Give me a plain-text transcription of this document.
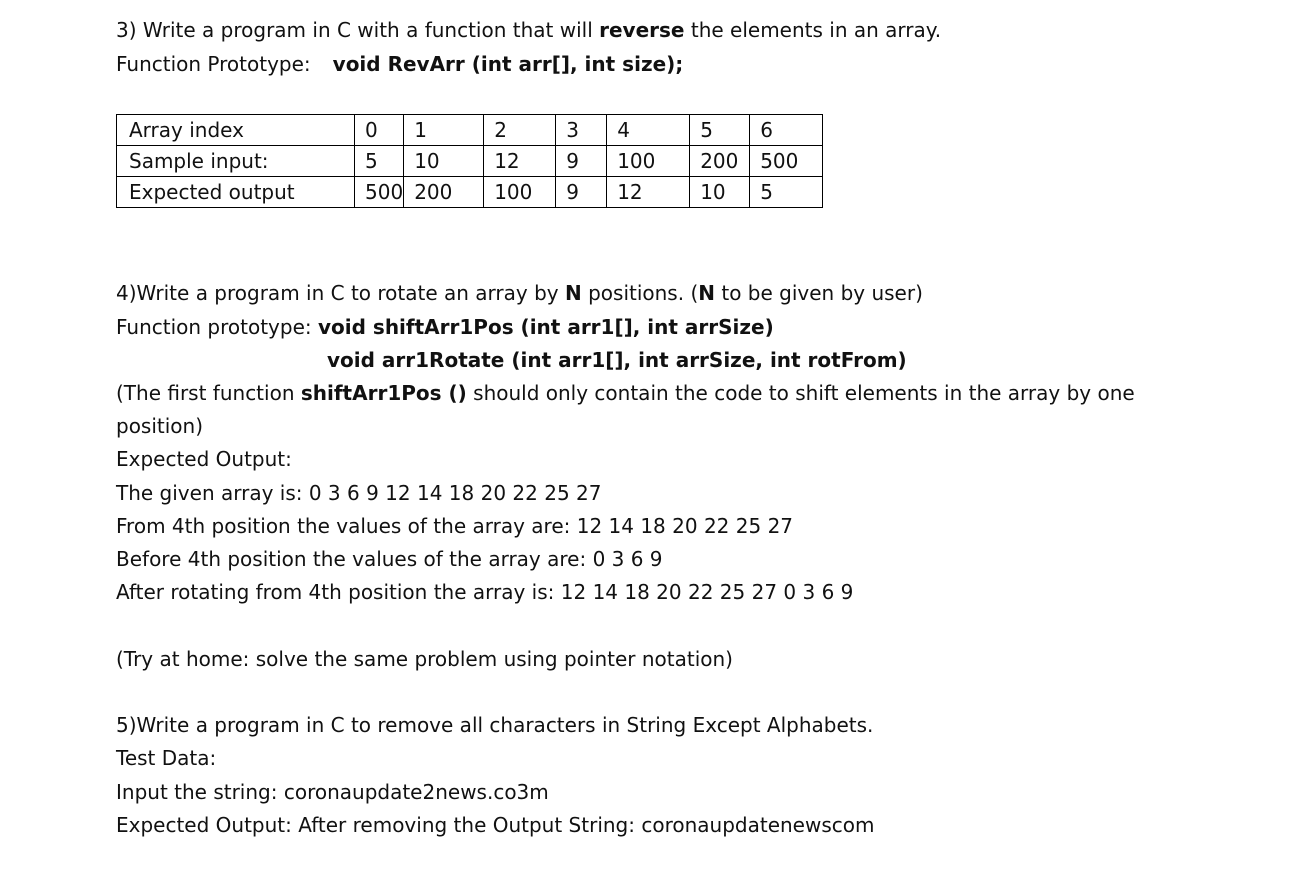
3) Write a program in C with a function that will reverse the elements in an array.
Function Prototype: void RevArr (int arr[], int size);
Array index	0	1	2	3	4	5	6
Sample input:	5	10	12	9	100	200	500
Expected output	500	200	100	9	12	10	5
4)Write a program in C to rotate an array by N positions. (N to be given by user)
Function prototype: void shiftArr1Pos (int arr1[], int arrSize)
void arr1Rotate (int arr1[], int arrSize, int rotFrom)
(The first function shiftArr1Pos () should only contain the code to shift elements in the array by one
position)
Expected Output:
The given array is: 0 3 6 9 12 14 18 20 22 25 27
From 4th position the values of the array are: 12 14 18 20 22 25 27
Before 4th position the values of the array are: 0 3 6 9
After rotating from 4th position the array is: 12 14 18 20 22 25 27 0 3 6 9
(Try at home: solve the same problem using pointer notation)
5)Write a program in C to remove all characters in String Except Alphabets.
Test Data:
Input the string: coronaupdate2news.co3m
Expected Output: After removing the Output String: coronaupdatenewscom
